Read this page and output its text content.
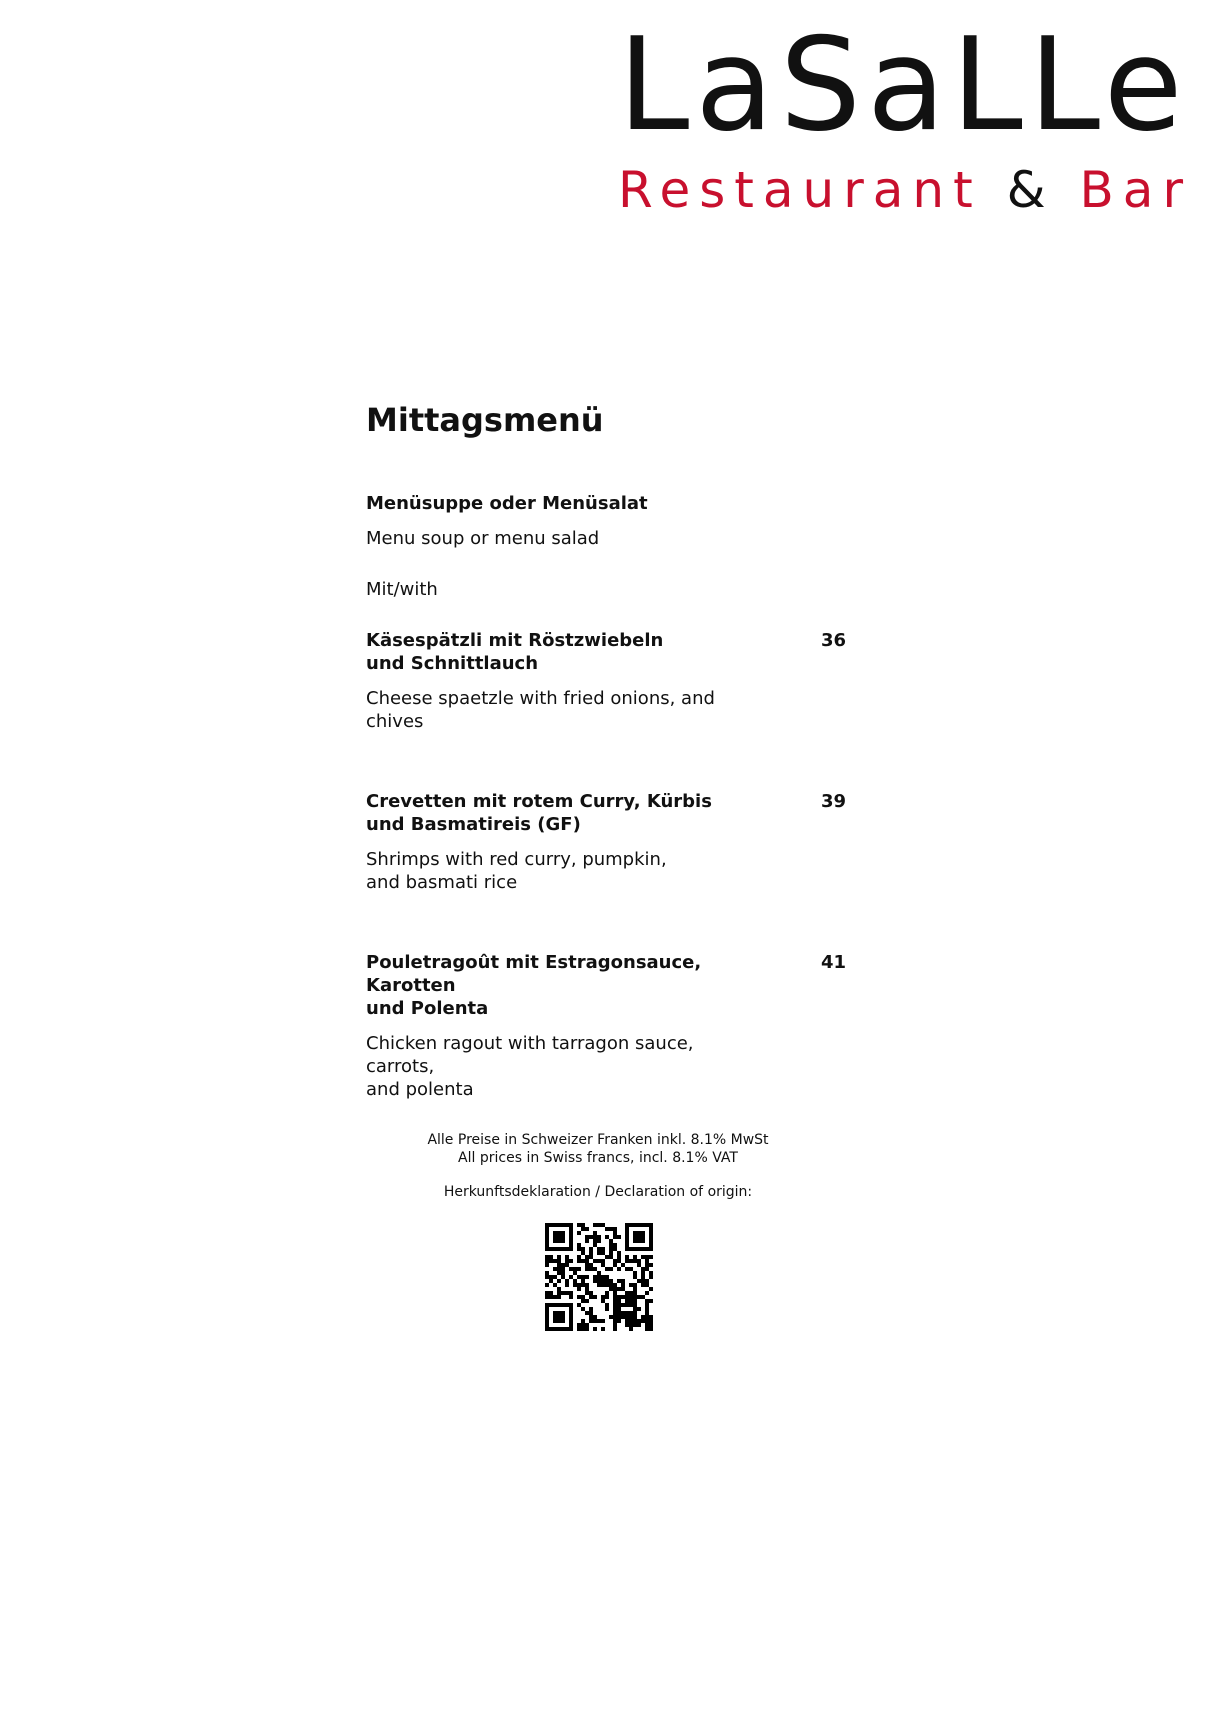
LaSaLLe
Restaurant & Bar
Mittagsmenü
Menüsuppe oder Menüsalat
Menu soup or menu salad
Mit/with
Käsespätzli mit Röstzwiebeln
und Schnittlauch
36
Cheese spaetzle with fried onions, and chives
Crevetten mit rotem Curry, Kürbis
und Basmatireis (GF)
39
Shrimps with red curry, pumpkin,
and basmati rice
Pouletragoût mit Estragonsauce, Karotten
und Polenta
41
Chicken ragout with tarragon sauce, carrots,
and polenta
Alle Preise in Schweizer Franken inkl. 8.1% MwSt
All prices in Swiss francs, incl. 8.1% VAT
Herkunftsdeklaration / Declaration of origin:
